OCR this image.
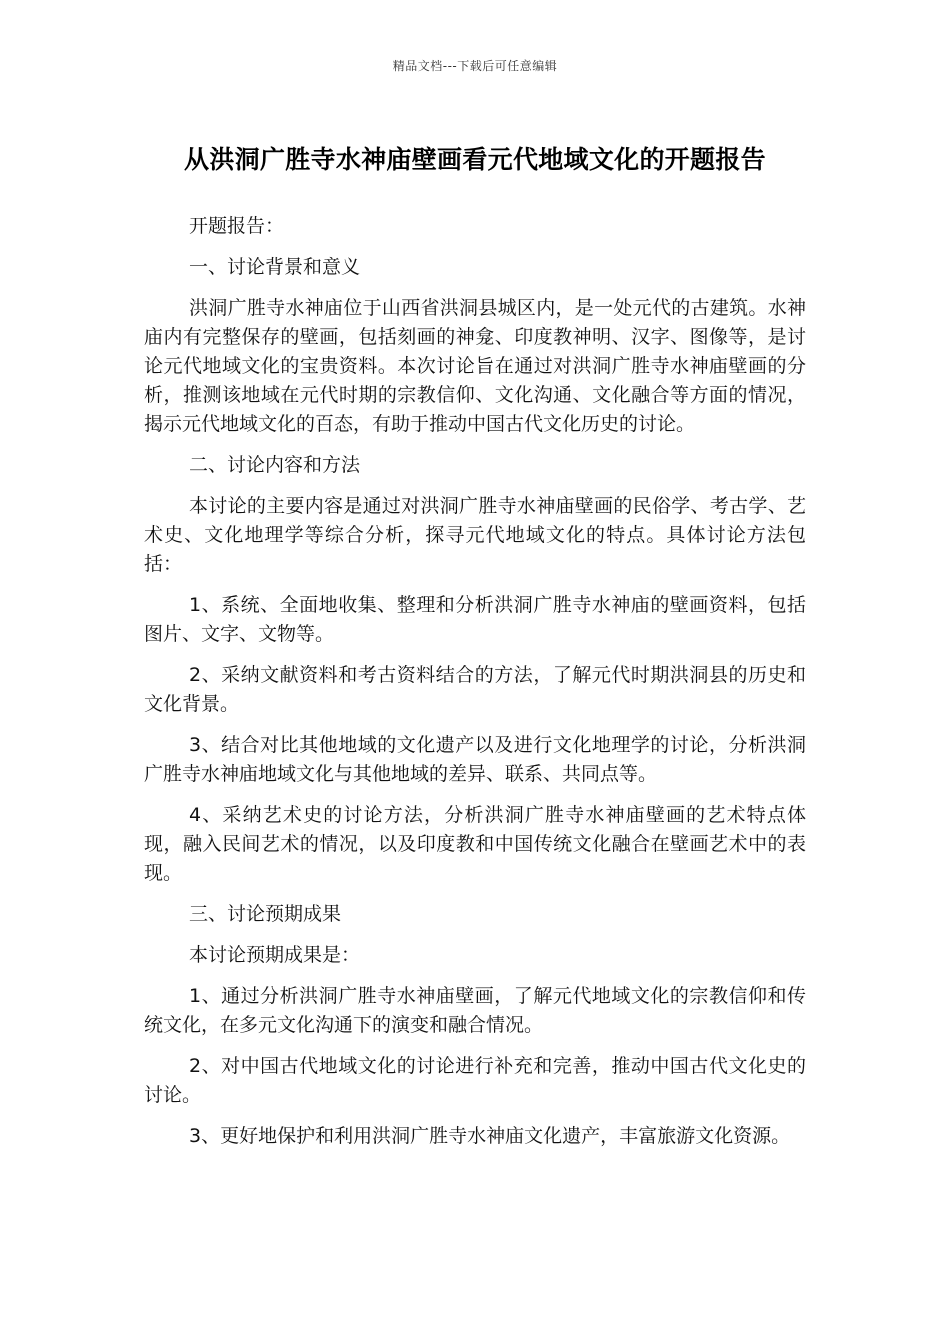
精品文档---下载后可任意编辑
从洪洞广胜寺水神庙壁画看元代地域文化的开题报告

开题报告：

一、讨论背景和意义

洪洞广胜寺水神庙位于山西省洪洞县城区内，是一处元代的古建筑。水神庙内有完整保存的壁画，包括刻画的神龛、印度教神明、汉字、图像等，是讨论元代地域文化的宝贵资料。本次讨论旨在通过对洪洞广胜寺水神庙壁画的分析，推测该地域在元代时期的宗教信仰、文化沟通、文化融合等方面的情况，揭示元代地域文化的百态，有助于推动中国古代文化历史的讨论。

二、讨论内容和方法

本讨论的主要内容是通过对洪洞广胜寺水神庙壁画的民俗学、考古学、艺术史、文化地理学等综合分析，探寻元代地域文化的特点。具体讨论方法包括：

1、系统、全面地收集、整理和分析洪洞广胜寺水神庙的壁画资料，包括图片、文字、文物等。

2、采纳文献资料和考古资料结合的方法，了解元代时期洪洞县的历史和文化背景。

3、结合对比其他地域的文化遗产以及进行文化地理学的讨论，分析洪洞广胜寺水神庙地域文化与其他地域的差异、联系、共同点等。

4、采纳艺术史的讨论方法，分析洪洞广胜寺水神庙壁画的艺术特点体现，融入民间艺术的情况，以及印度教和中国传统文化融合在壁画艺术中的表现。

三、讨论预期成果

本讨论预期成果是：

1、通过分析洪洞广胜寺水神庙壁画，了解元代地域文化的宗教信仰和传统文化，在多元文化沟通下的演变和融合情况。

2、对中国古代地域文化的讨论进行补充和完善，推动中国古代文化史的讨论。

3、更好地保护和利用洪洞广胜寺水神庙文化遗产，丰富旅游文化资源。
